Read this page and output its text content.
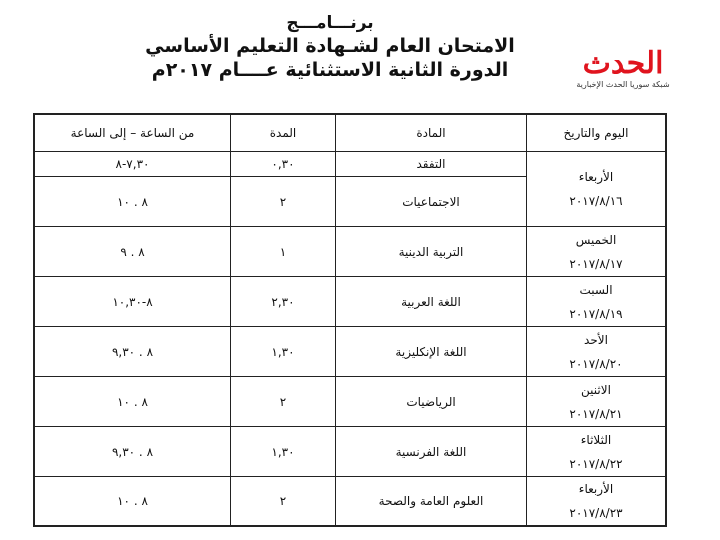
برنـــامـــج
الامتحان العام لشـهادة التعليم الأساسي
الدورة الثانية الاستثنائية عــــام ٢٠١٧م	الحدث
شبكة سوريا الحدث الإخبارية
اليوم والتاريخ	المادة	المدة	من الساعة – إلى الساعة

الأربعاء
٢٠١٧/٨/١٦	التفقد	٠,٣٠	٨-٧,٣٠
	الاجتماعيات	٢	١٠ . ٨

الخميس
٢٠١٧/٨/١٧	التربية الدينية	١	٩ . ٨

السبت
٢٠١٧/٨/١٩	اللغة العربية	٢,٣٠	١٠,٣٠-٨

الأحد
٢٠١٧/٨/٢٠	اللغة الإنكليزية	١,٣٠	٩,٣٠ . ٨

الاثنين
٢٠١٧/٨/٢١	الرياضيات	٢	١٠ . ٨

الثلاثاء
٢٠١٧/٨/٢٢	اللغة الفرنسية	١,٣٠	٩,٣٠ . ٨

الأربعاء
٢٠١٧/٨/٢٣	العلوم العامة والصحة	٢	١٠ . ٨
